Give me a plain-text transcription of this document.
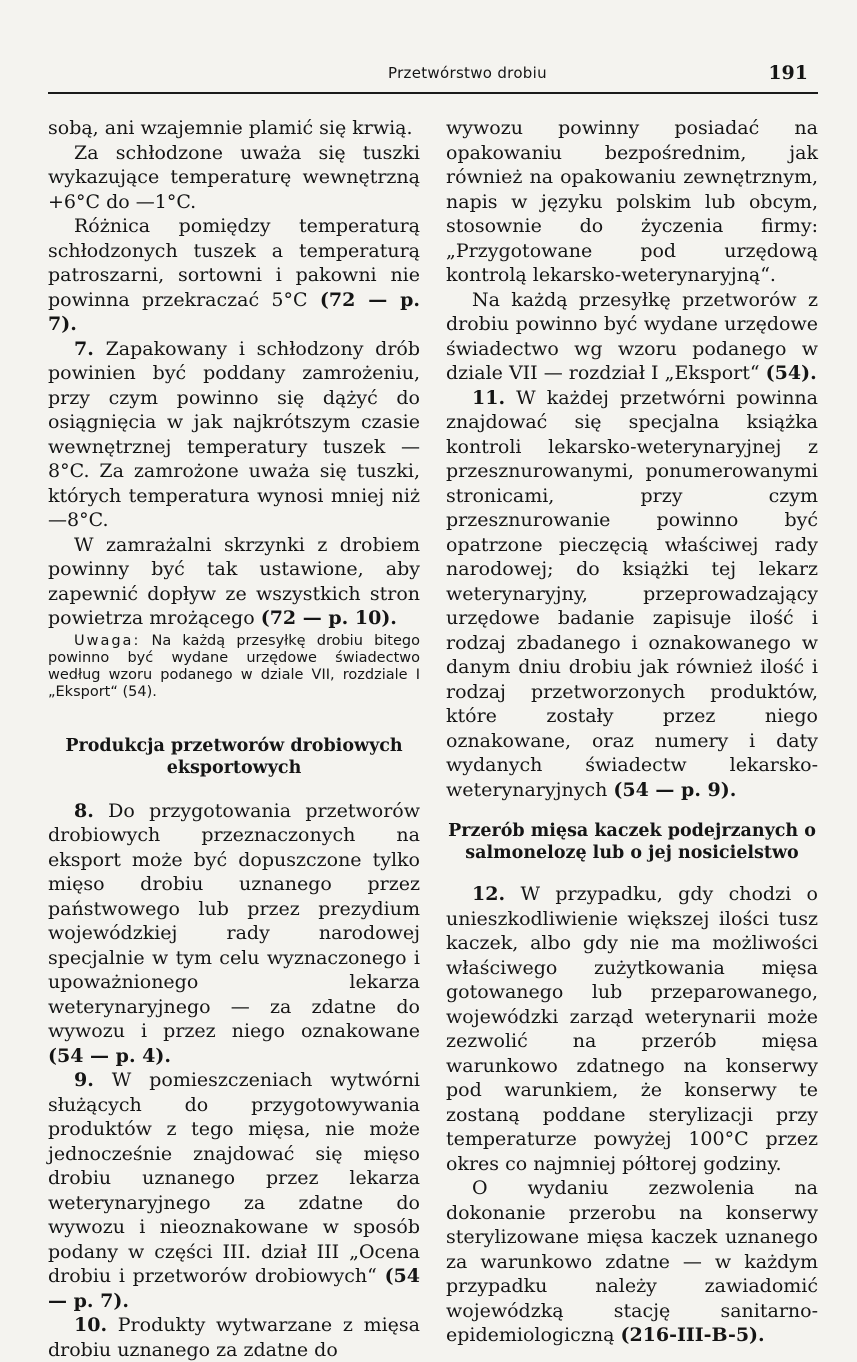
Przetwórstwo drobiu	191

sobą, ani wzajemnie plamić się krwią.

Za schłodzone uważa się tuszki wykazujące temperaturę wewnętrzną +6°C do —1°C.

Różnica pomiędzy temperaturą schłodzonych tuszek a temperaturą patroszarni, sortowni i pakowni nie powinna przekraczać 5°C (72 — p. 7).

7. Zapakowany i schłodzony drób powinien być poddany zamrożeniu, przy czym powinno się dążyć do osiągnięcia w jak najkrótszym czasie wewnętrznej temperatury tuszek —8°C. Za zamrożone uważa się tuszki, których temperatura wynosi mniej niż —8°C.

W zamrażalni skrzynki z drobiem powinny być tak ustawione, aby zapewnić dopływ ze wszystkich stron powietrza mrożącego (72 — p. 10).

Uwaga: Na każdą przesyłkę drobiu bitego powinno być wydane urzędowe świadectwo według wzoru podanego w dziale VII, rozdziale I „Eksport“ (54).

Produkcja przetworów drobiowych eksportowych

8. Do przygotowania przetworów drobiowych przeznaczonych na eksport może być dopuszczone tylko mięso drobiu uznanego przez państwowego lub przez prezydium wojewódzkiej rady narodowej specjalnie w tym celu wyznaczonego i upoważnionego lekarza weterynaryjnego — za zdatne do wywozu i przez niego oznakowane (54 — p. 4).

9. W pomieszczeniach wytwórni służących do przygotowywania produktów z tego mięsa, nie może jednocześnie znajdować się mięso drobiu uznanego przez lekarza weterynaryjnego za zdatne do wywozu i nieoznakowane w sposób podany w części III. dział III „Ocena drobiu i przetworów drobiowych“ (54 — p. 7).

10. Produkty wytwarzane z mięsa drobiu uznanego za zdatne do

wywozu powinny posiadać na opakowaniu bezpośrednim, jak również na opakowaniu zewnętrznym, napis w języku polskim lub obcym, stosownie do życzenia firmy: „Przygotowane pod urzędową kontrolą lekarsko-weterynaryjną“.

Na każdą przesyłkę przetworów z drobiu powinno być wydane urzędowe świadectwo wg wzoru podanego w dziale VII — rozdział I „Eksport“ (54).

11. W każdej przetwórni powinna znajdować się specjalna książka kontroli lekarsko-weterynaryjnej z przesznurowanymi, ponumerowanymi stronicami, przy czym przesznurowanie powinno być opatrzone pieczęcią właściwej rady narodowej; do książki tej lekarz weterynaryjny, przeprowadzający urzędowe badanie zapisuje ilość i rodzaj zbadanego i oznakowanego w danym dniu drobiu jak również ilość i rodzaj przetworzonych produktów, które zostały przez niego oznakowane, oraz numery i daty wydanych świadectw lekarsko-weterynaryjnych (54 — p. 9).

Przerób mięsa kaczek podejrzanych o salmonelozę lub o jej nosicielstwo

12. W przypadku, gdy chodzi o unieszkodliwienie większej ilości tusz kaczek, albo gdy nie ma możliwości właściwego zużytkowania mięsa gotowanego lub przeparowanego, wojewódzki zarząd weterynarii może zezwolić na przerób mięsa warunkowo zdatnego na konserwy pod warunkiem, że konserwy te zostaną poddane sterylizacji przy temperaturze powyżej 100°C przez okres co najmniej półtorej godziny.

O wydaniu zezwolenia na dokonanie przerobu na konserwy sterylizowane mięsa kaczek uznanego za warunkowo zdatne — w każdym przypadku należy zawiadomić wojewódzką stację sanitarno-epidemiologiczną (216-III-B-5).
